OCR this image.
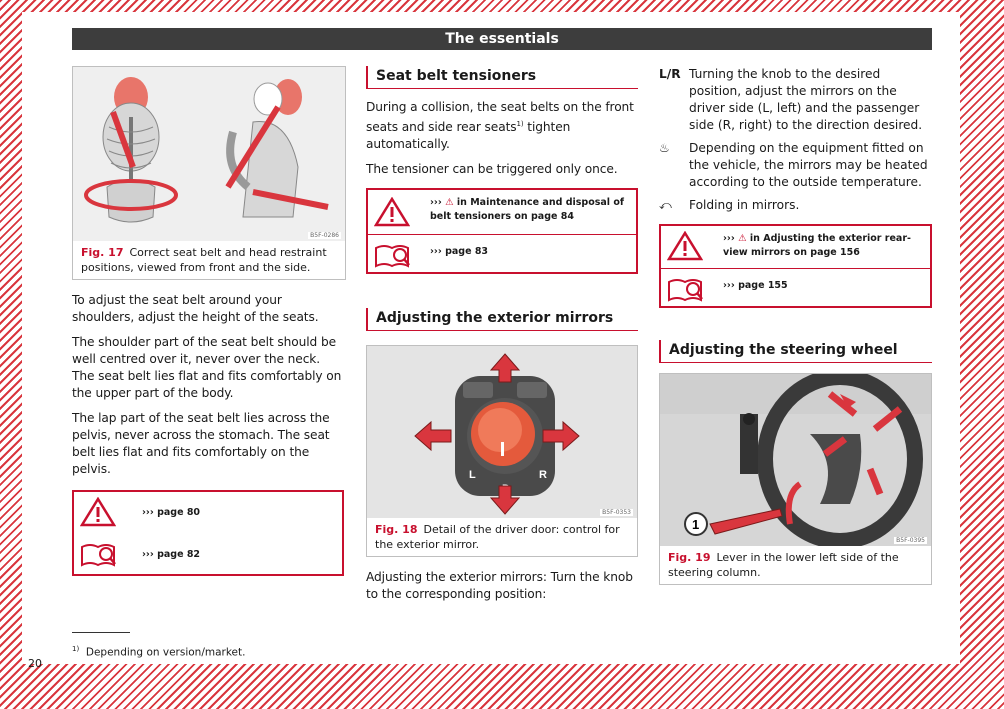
The essentials
B5F-0286
Fig. 17 Correct seat belt and head restraint positions, viewed from front and the side.

To adjust the seat belt around your shoulders, adjust the height of the seats.

The shoulder part of the seat belt should be well centred over it, never over the neck. The seat belt lies flat and fits comfortably on the upper part of the body.

The lap part of the seat belt lies across the pelvis, never across the stomach. The seat belt lies flat and fits comfortably on the pelvis.

››› page 80
››› page 82
Seat belt tensioners

During a collision, the seat belts on the front seats and side rear seats$^{1)}$ tighten automatically.

The tensioner can be triggered only once.

››› ⚠ in Maintenance and disposal of belt tensioners on page 84
››› page 83
Adjusting the exterior mirrors
L	R
B5F-0353
Fig. 18 Detail of the driver door: control for the exterior mirror.

Adjusting the exterior mirrors: Turn the knob to the corresponding position:

L/R Turning the knob to the desired position, adjust the mirrors on the driver side (L, left) and the passenger side (R, right) to the direction desired.
♨ Depending on the equipment fitted on the vehicle, the mirrors may be heated according to the outside temperature.
⤺ Folding in mirrors.
››› ⚠ in Adjusting the exterior rear-view mirrors on page 156
››› page 155
Adjusting the steering wheel
1
B5F-0395
Fig. 19 Lever in the lower left side of the steering column.
$^{1)}$ Depending on version/market.
20
